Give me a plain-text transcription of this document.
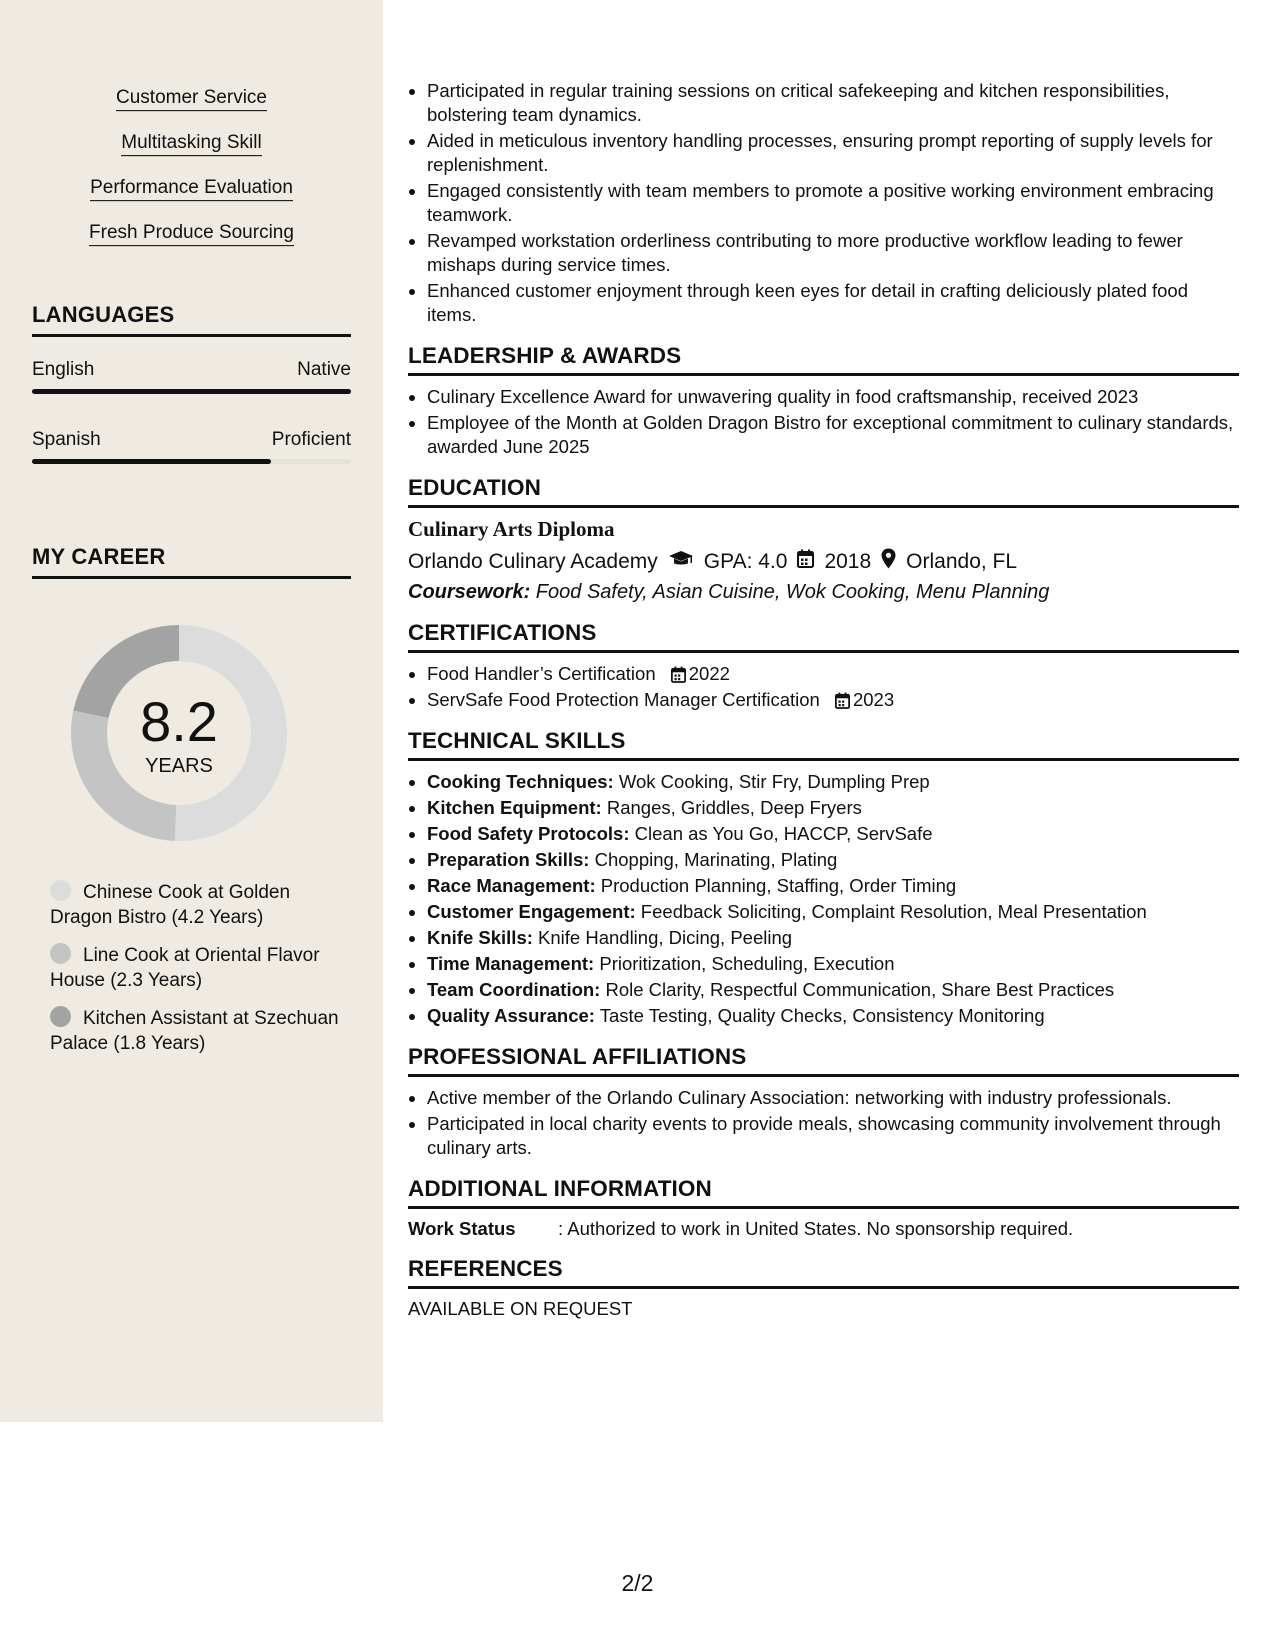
Customer Service
Multitasking Skill
Performance Evaluation
Fresh Produce Sourcing
LANGUAGES
English	Native
Spanish	Proficient
MY CAREER
8.2
YEARS
Chinese Cook at Golden Dragon Bistro (4.2 Years)
Line Cook at Oriental Flavor House (2.3 Years)
Kitchen Assistant at Szechuan Palace (1.8 Years)
• Participated in regular training sessions on critical safekeeping and kitchen responsibilities, bolstering team dynamics.
• Aided in meticulous inventory handling processes, ensuring prompt reporting of supply levels for replenishment.
• Engaged consistently with team members to promote a positive working environment embracing teamwork.
• Revamped workstation orderliness contributing to more productive workflow leading to fewer mishaps during service times.
• Enhanced customer enjoyment through keen eyes for detail in crafting deliciously plated food items.
LEADERSHIP & AWARDS
• Culinary Excellence Award for unwavering quality in food craftsmanship, received 2023
• Employee of the Month at Golden Dragon Bistro for exceptional commitment to culinary standards, awarded June 2025
EDUCATION
Culinary Arts Diploma
Orlando Culinary Academy GPA: 4.0 2018 Orlando, FL
Coursework: Food Safety, Asian Cuisine, Wok Cooking, Menu Planning
CERTIFICATIONS
• Food Handler’s Certification 2022
• ServSafe Food Protection Manager Certification 2023
TECHNICAL SKILLS
• Cooking Techniques: Wok Cooking, Stir Fry, Dumpling Prep
• Kitchen Equipment: Ranges, Griddles, Deep Fryers
• Food Safety Protocols: Clean as You Go, HACCP, ServSafe
• Preparation Skills: Chopping, Marinating, Plating
• Race Management: Production Planning, Staffing, Order Timing
• Customer Engagement: Feedback Soliciting, Complaint Resolution, Meal Presentation
• Knife Skills: Knife Handling, Dicing, Peeling
• Time Management: Prioritization, Scheduling, Execution
• Team Coordination: Role Clarity, Respectful Communication, Share Best Practices
• Quality Assurance: Taste Testing, Quality Checks, Consistency Monitoring
PROFESSIONAL AFFILIATIONS
• Active member of the Orlando Culinary Association: networking with industry professionals.
• Participated in local charity events to provide meals, showcasing community involvement through culinary arts.
ADDITIONAL INFORMATION
Work Status	: Authorized to work in United States. No sponsorship required.
REFERENCES
AVAILABLE ON REQUEST
2/2
